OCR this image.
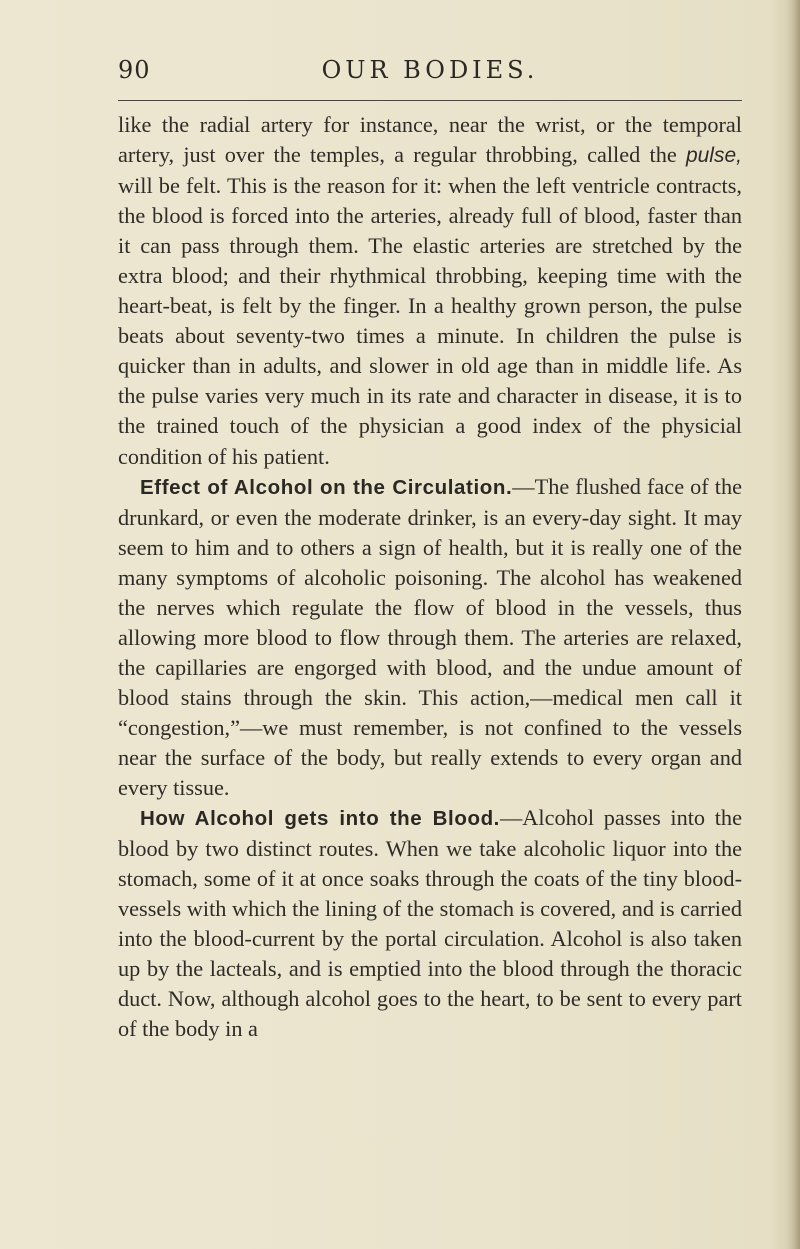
90	OUR BODIES.

like the radial artery for instance, near the wrist, or the temporal artery, just over the temples, a regular throbbing, called the pulse, will be felt. This is the reason for it: when the left ventricle contracts, the blood is forced into the arteries, already full of blood, faster than it can pass through them. The elastic arteries are stretched by the extra blood; and their rhythmical throbbing, keeping time with the heart-beat, is felt by the finger. In a healthy grown person, the pulse beats about seventy-two times a minute. In children the pulse is quicker than in adults, and slower in old age than in middle life. As the pulse varies very much in its rate and character in disease, it is to the trained touch of the physician a good index of the physicial condition of his patient.

Effect of Alcohol on the Circulation.—The flushed face of the drunkard, or even the moderate drinker, is an every-day sight. It may seem to him and to others a sign of health, but it is really one of the many symptoms of alcoholic poisoning. The alcohol has weakened the nerves which regulate the flow of blood in the vessels, thus allowing more blood to flow through them. The arteries are relaxed, the capillaries are engorged with blood, and the undue amount of blood stains through the skin. This action,—medical men call it “congestion,”—we must remember, is not confined to the vessels near the surface of the body, but really extends to every organ and every tissue.

How Alcohol gets into the Blood.—Alcohol passes into the blood by two distinct routes. When we take alcoholic liquor into the stomach, some of it at once soaks through the coats of the tiny blood-vessels with which the lining of the stomach is covered, and is carried into the blood-current by the portal circulation. Alcohol is also taken up by the lacteals, and is emptied into the blood through the thoracic duct. Now, although alcohol goes to the heart, to be sent to every part of the body in a
